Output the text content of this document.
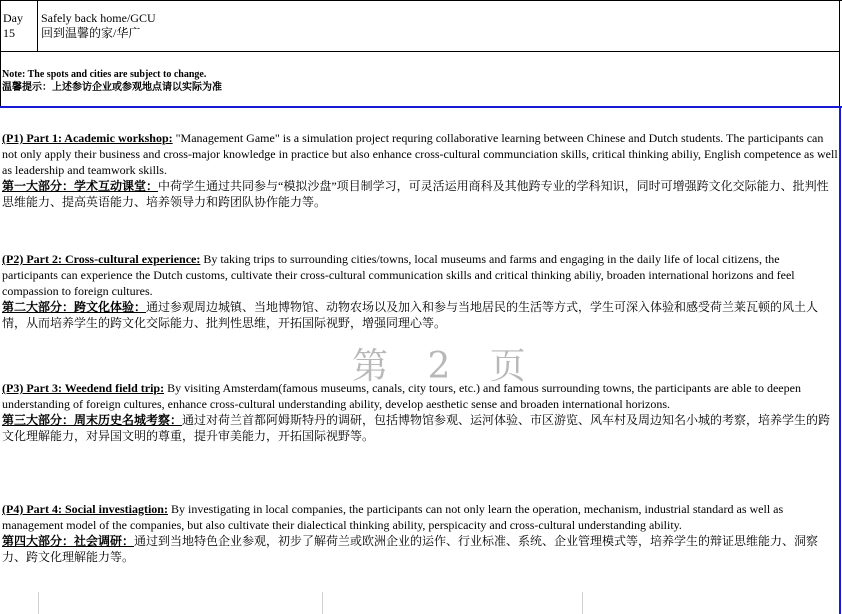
Day
15
Safely back home/GCU
回到温馨的家/华广
Note: The spots and cities are subject to change.
温馨提示：上述参访企业或参观地点请以实际为准
第 2 页
(P1) Part 1: Academic workshop: "Management Game" is a simulation project requring collaborative learning between Chinese and Dutch students. The participants can not only apply their business and cross-major knowledge in practice but also enhance cross-cultural communciation skills, critical thinking abiliy, English competence as well as leadership and teamwork skills.
第一大部分：学术互动课堂：中荷学生通过共同参与“模拟沙盘”项目制学习，可灵活运用商科及其他跨专业的学科知识，同时可增强跨文化交际能力、批判性思维能力、提高英语能力、培养领导力和跨团队协作能力等。
(P2) Part 2: Cross-cultural experience: By taking trips to surrounding cities/towns, local museums and farms and engaging in the daily life of local citizens, the participants can experience the Dutch customs, cultivate their cross-cultural communication skills and critical thinking abiliy, broaden international horizons and feel compassion to foreign cultures.
第二大部分：跨文化体验：通过参观周边城镇、当地博物馆、动物农场以及加入和参与当地居民的生活等方式，学生可深入体验和感受荷兰莱瓦顿的风土人情，从而培养学生的跨文化交际能力、批判性思维，开拓国际视野，增强同理心等。
(P3) Part 3: Weedend field trip: By visiting Amsterdam(famous museums, canals, city tours, etc.) and famous surrounding towns, the participants are able to deepen understanding of foreign cultures, enhance cross-cultural understanding ability, develop aesthetic sense and broaden international horizons.
第三大部分：周末历史名城考察：通过对荷兰首都阿姆斯特丹的调研，包括博物馆参观、运河体验、市区游览、风车村及周边知名小城的考察，培养学生的跨文化理解能力，对异国文明的尊重，提升审美能力，开拓国际视野等。
(P4) Part 4: Social investiagtion: By investigating in local companies, the participants can not only learn the operation, mechanism, industrial standard as well as management model of the companies, but also cultivate their dialectical thinking ability, perspicacity and cross-cultural understanding ability.
第四大部分：社会调研：通过到当地特色企业参观，初步了解荷兰或欧洲企业的运作、行业标准、系统、企业管理模式等，培养学生的辩证思维能力、洞察力、跨文化理解能力等。
